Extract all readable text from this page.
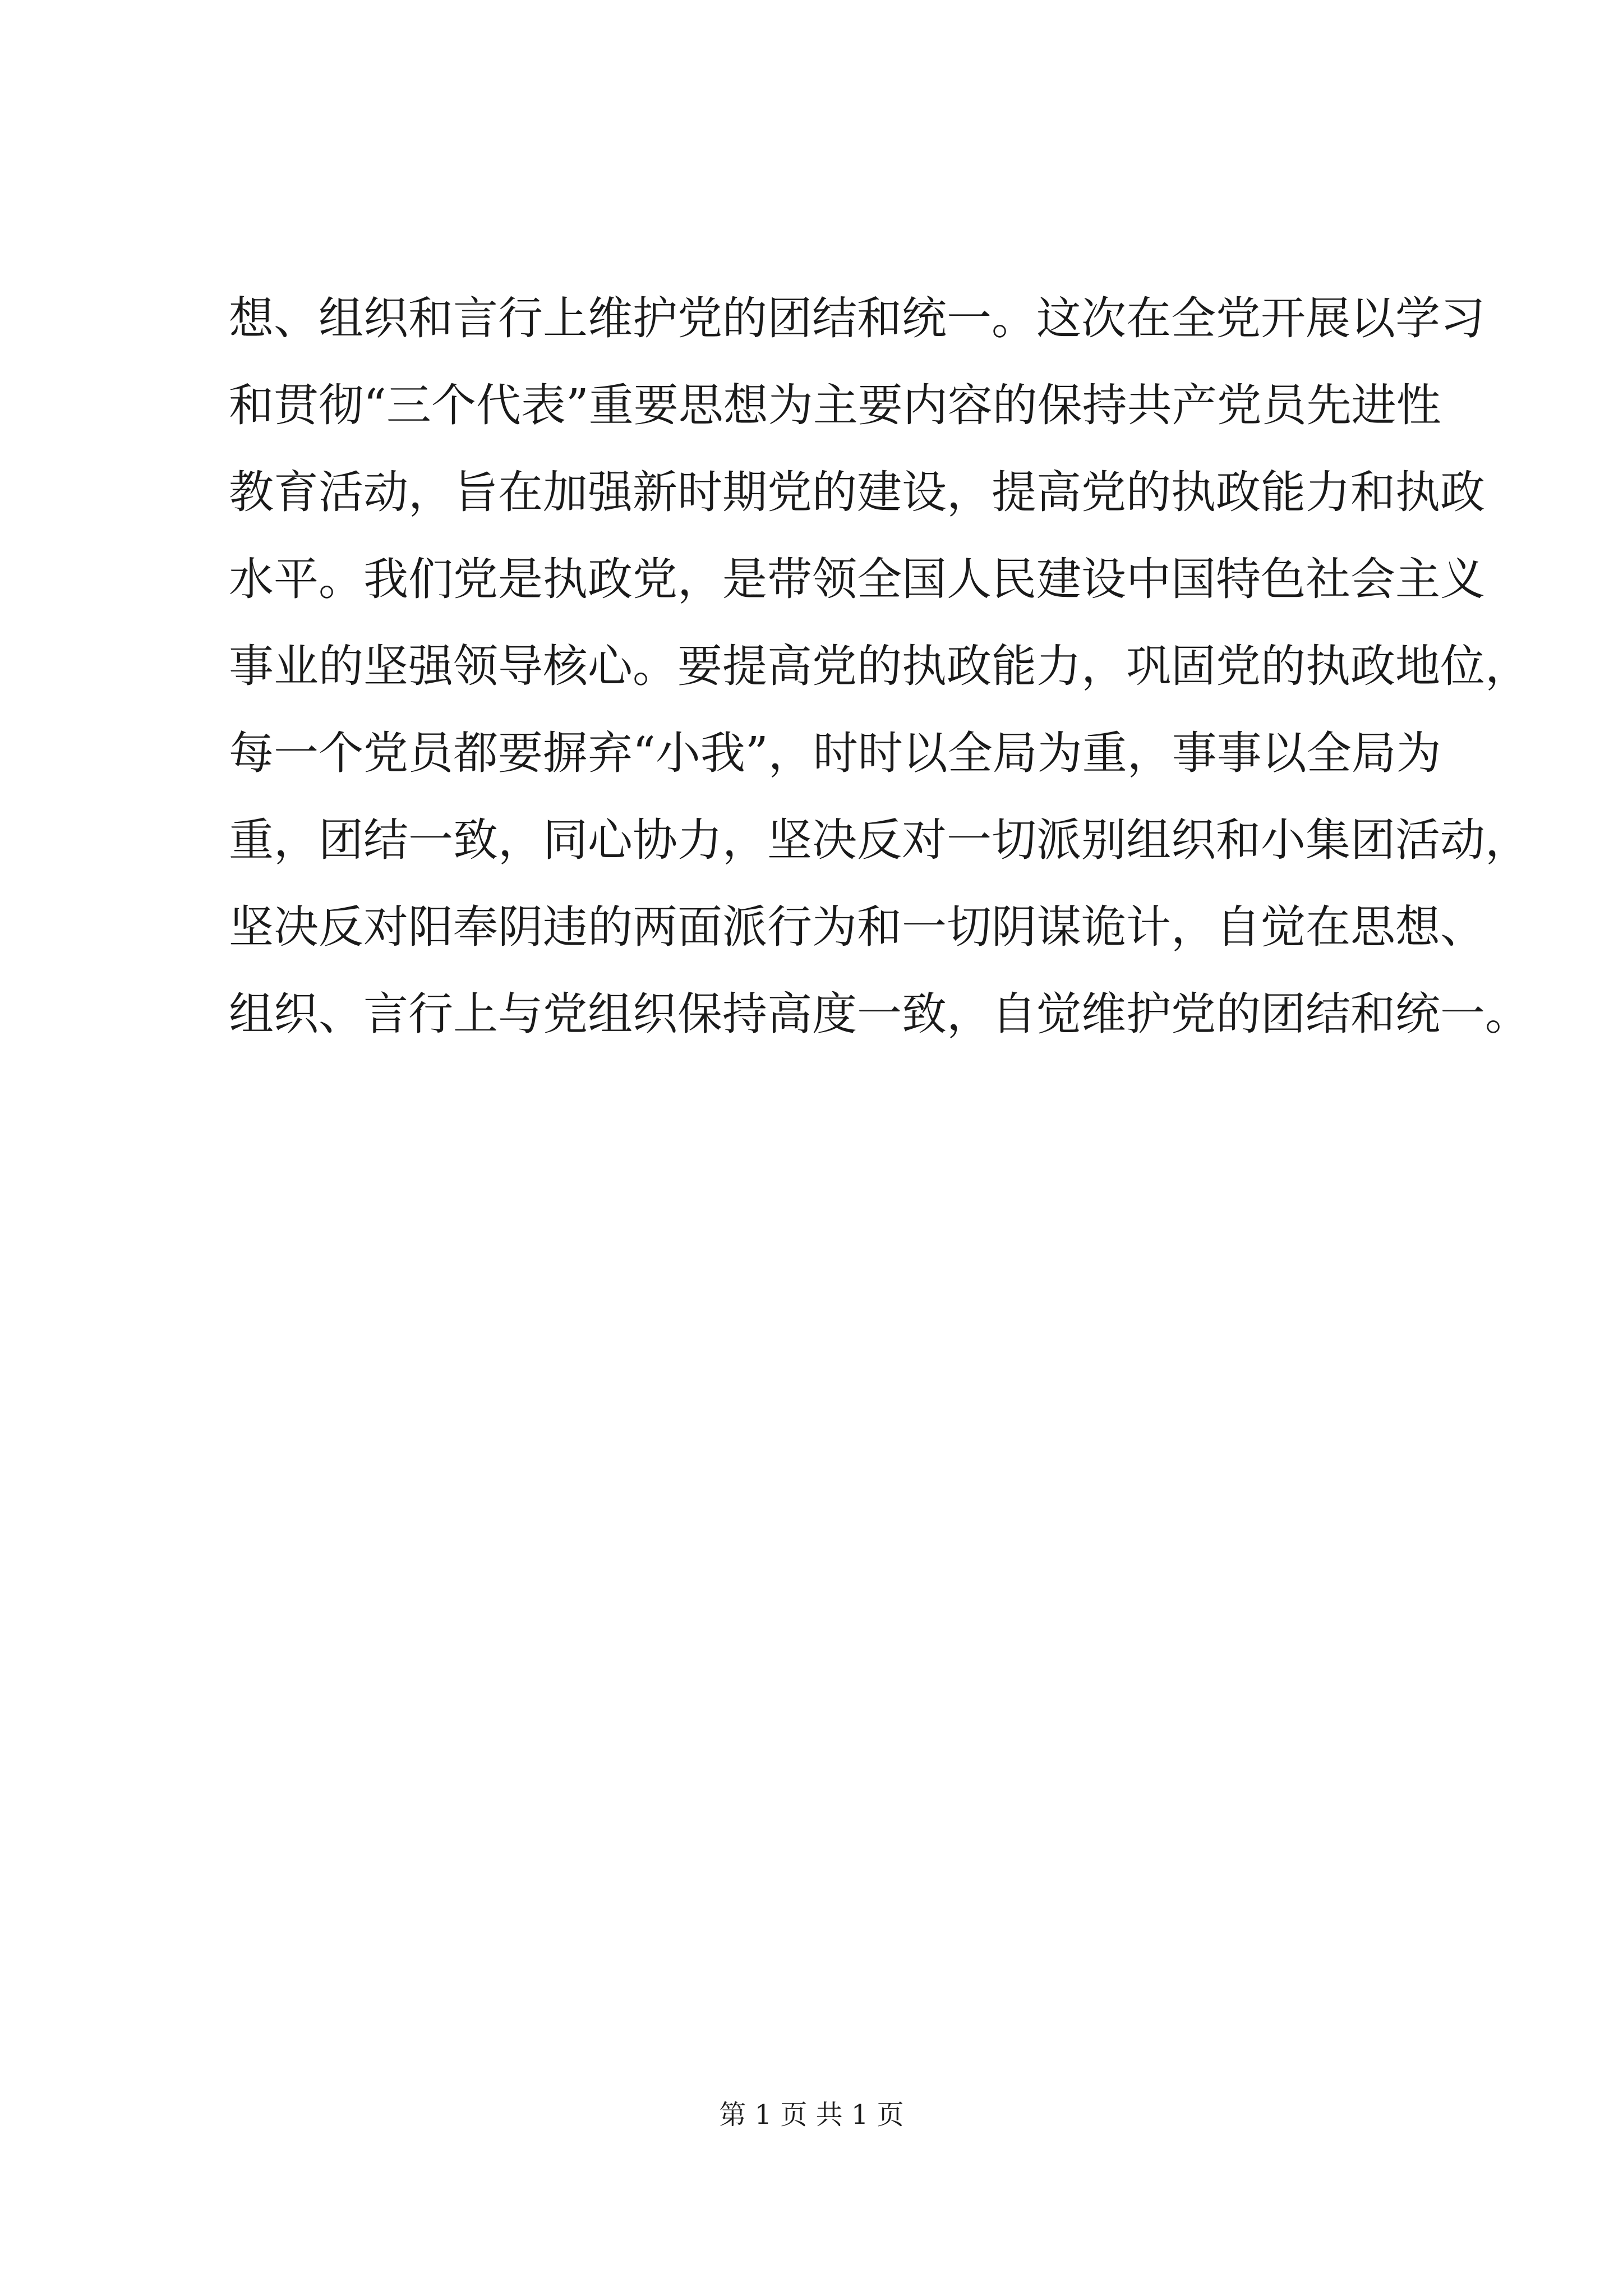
想、组织和言行上维护党的团结和统一。这次在全党开展以学习
和贯彻“三个代表”重要思想为主要内容的保持共产党员先进性
教育活动，旨在加强新时期党的建设，提高党的执政能力和执政
水平。我们党是执政党，是带领全国人民建设中国特色社会主义
事业的坚强领导核心。要提高党的执政能力，巩固党的执政地位，
每一个党员都要摒弃“小我”，时时以全局为重，事事以全局为
重，团结一致，同心协力，坚决反对一切派别组织和小集团活动，
坚决反对阳奉阴违的两面派行为和一切阴谋诡计，自觉在思想、
组织、言行上与党组织保持高度一致，自觉维护党的团结和统一。
第 1 页 共 1 页
